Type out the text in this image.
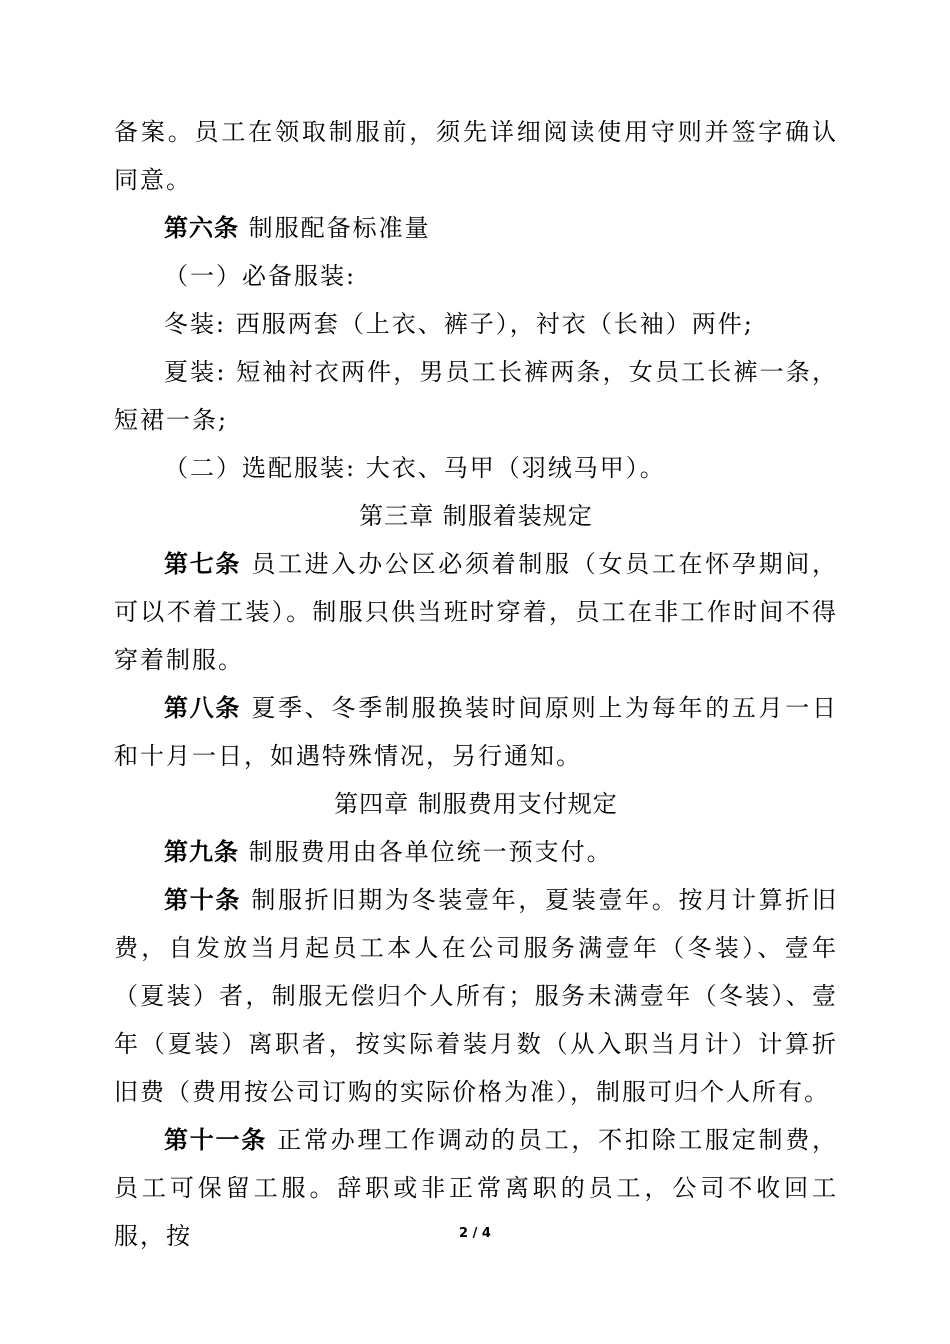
备案。员工在领取制服前，须先详细阅读使用守则并签字确认同意。

第六条 制服配备标准量

（一）必备服装:

冬装: 西服两套（上衣、裤子），衬衣（长袖）两件;

夏装: 短袖衬衣两件，男员工长裤两条，女员工长裤一条，短裙一条;

（二）选配服装: 大衣、马甲（羽绒马甲）。

第三章 制服着装规定

第七条 员工进入办公区必须着制服（女员工在怀孕期间，可以不着工装）。制服只供当班时穿着，员工在非工作时间不得穿着制服。

第八条 夏季、冬季制服换装时间原则上为每年的五月一日和十月一日，如遇特殊情况，另行通知。

第四章 制服费用支付规定

第九条 制服费用由各单位统一预支付。

第十条 制服折旧期为冬装壹年，夏装壹年。按月计算折旧费，自发放当月起员工本人在公司服务满壹年（冬装）、壹年（夏装）者，制服无偿归个人所有；服务未满壹年（冬装）、壹年（夏装）离职者，按实际着装月数（从入职当月计）计算折旧费（费用按公司订购的实际价格为准），制服可归个人所有。

第十一条 正常办理工作调动的员工，不扣除工服定制费，员工可保留工服。辞职或非正常离职的员工，公司不收回工服，按	2 / 4
